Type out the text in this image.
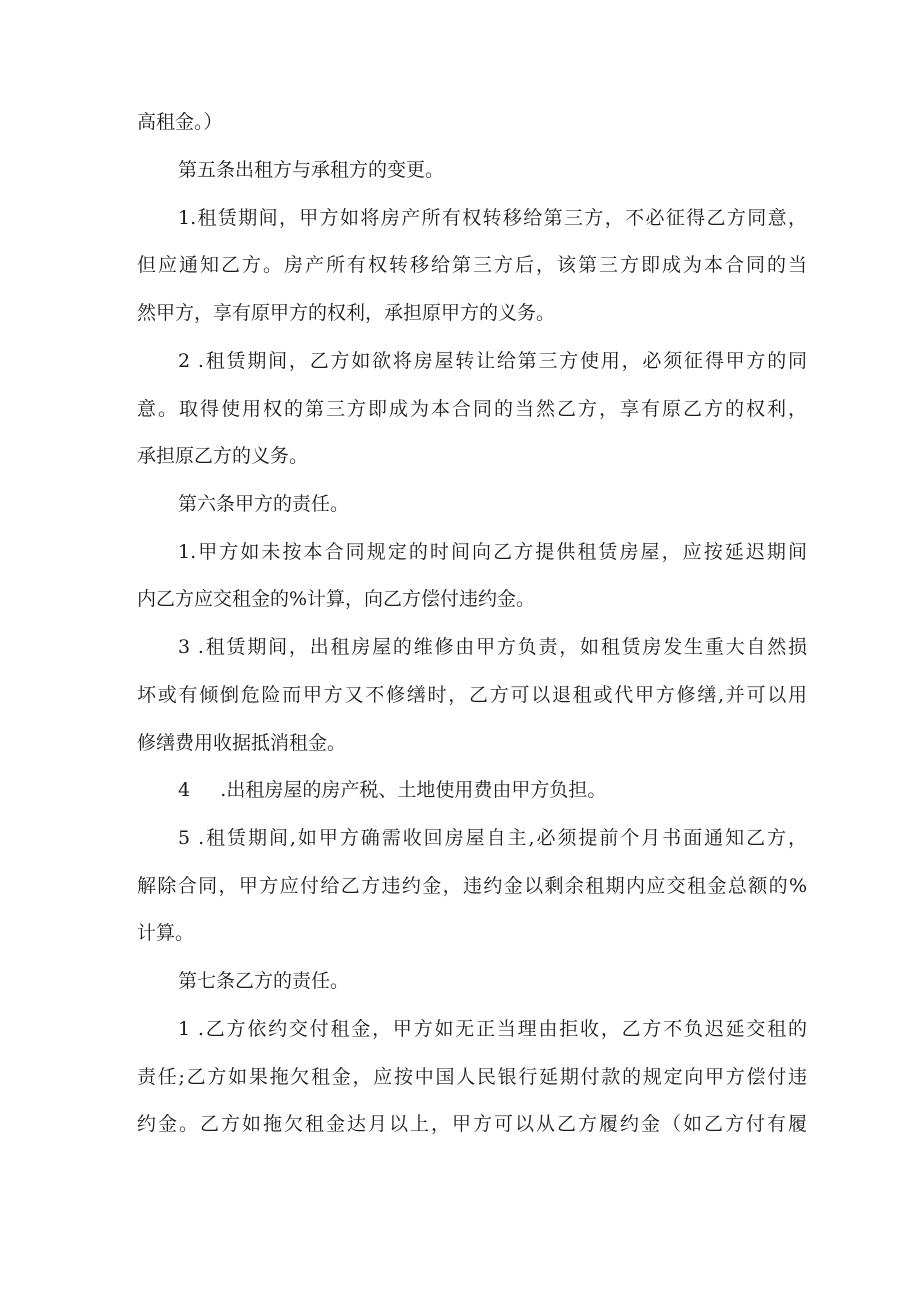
高租金。）

第五条出租方与承租方的变更。

1.租赁期间，甲方如将房产所有权转移给第三方，不必征得乙方同意，

但应通知乙方。房产所有权转移给第三方后，该第三方即成为本合同的当

然甲方，享有原甲方的权利，承担原甲方的义务。

2 .租赁期间，乙方如欲将房屋转让给第三方使用，必须征得甲方的同

意。取得使用权的第三方即成为本合同的当然乙方，享有原乙方的权利，

承担原乙方的义务。

第六条甲方的责任。

1.甲方如未按本合同规定的时间向乙方提供租赁房屋，应按延迟期间

内乙方应交租金的%计算，向乙方偿付违约金。

3 .租赁期间，出租房屋的维修由甲方负责，如租赁房发生重大自然损

坏或有倾倒危险而甲方又不修缮时，乙方可以退租或代甲方修缮,并可以用

修缮费用收据抵消租金。

4     .出租房屋的房产税、土地使用费由甲方负担。

5 .租赁期间,如甲方确需收回房屋自主,必须提前个月书面通知乙方，

解除合同，甲方应付给乙方违约金，违约金以剩余租期内应交租金总额的%

计算。

第七条乙方的责任。

1 .乙方依约交付租金，甲方如无正当理由拒收，乙方不负迟延交租的

责任;乙方如果拖欠租金，应按中国人民银行延期付款的规定向甲方偿付违

约金。乙方如拖欠租金达月以上，甲方可以从乙方履约金（如乙方付有履
